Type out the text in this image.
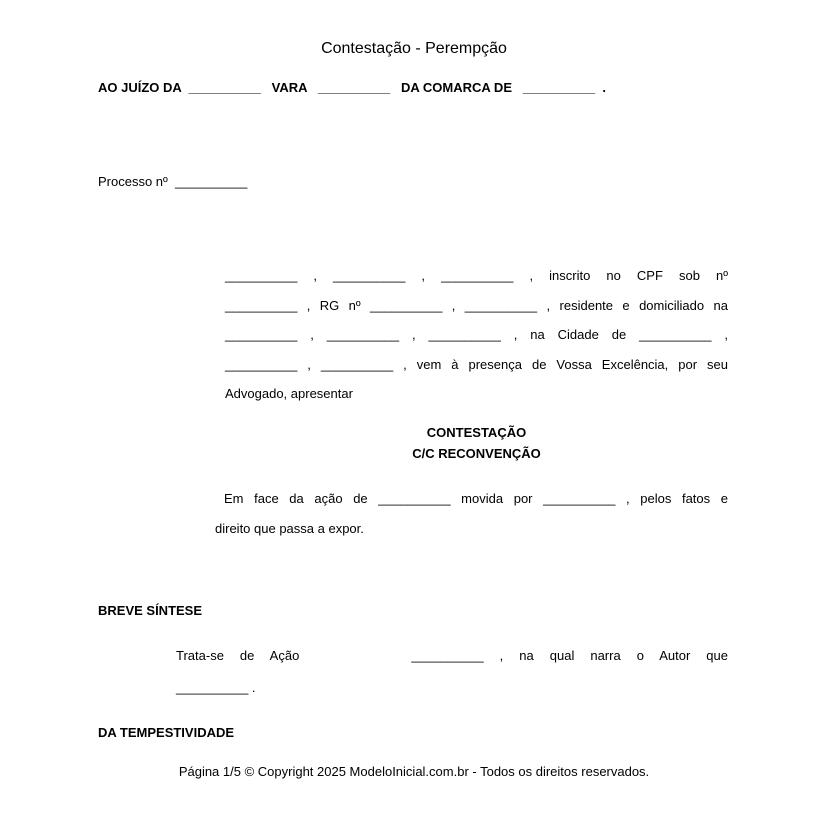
Contestação - Perempção
AO JUÍZO DA  __________   VARA   __________   DA COMARCA DE   __________  .
Processo nº  __________
__________ , __________ , __________ , inscrito no CPF sob nº
__________ , RG nº __________ , __________ , residente e domiciliado na
__________ , __________ , __________ , na Cidade de __________ ,
__________ , __________ , vem à presença de Vossa Excelência, por seu
Advogado, apresentar
CONTESTAÇÃO
C/C RECONVENÇÃO
Em face da ação de __________ movida por __________ , pelos fatos e
direito que passa a expor.
BREVE SÍNTESE
Trata-se de Ação       __________ , na qual narra o Autor que
__________ .
DA TEMPESTIVIDADE
Página 1/5 © Copyright 2025 ModeloInicial.com.br - Todos os direitos reservados.
